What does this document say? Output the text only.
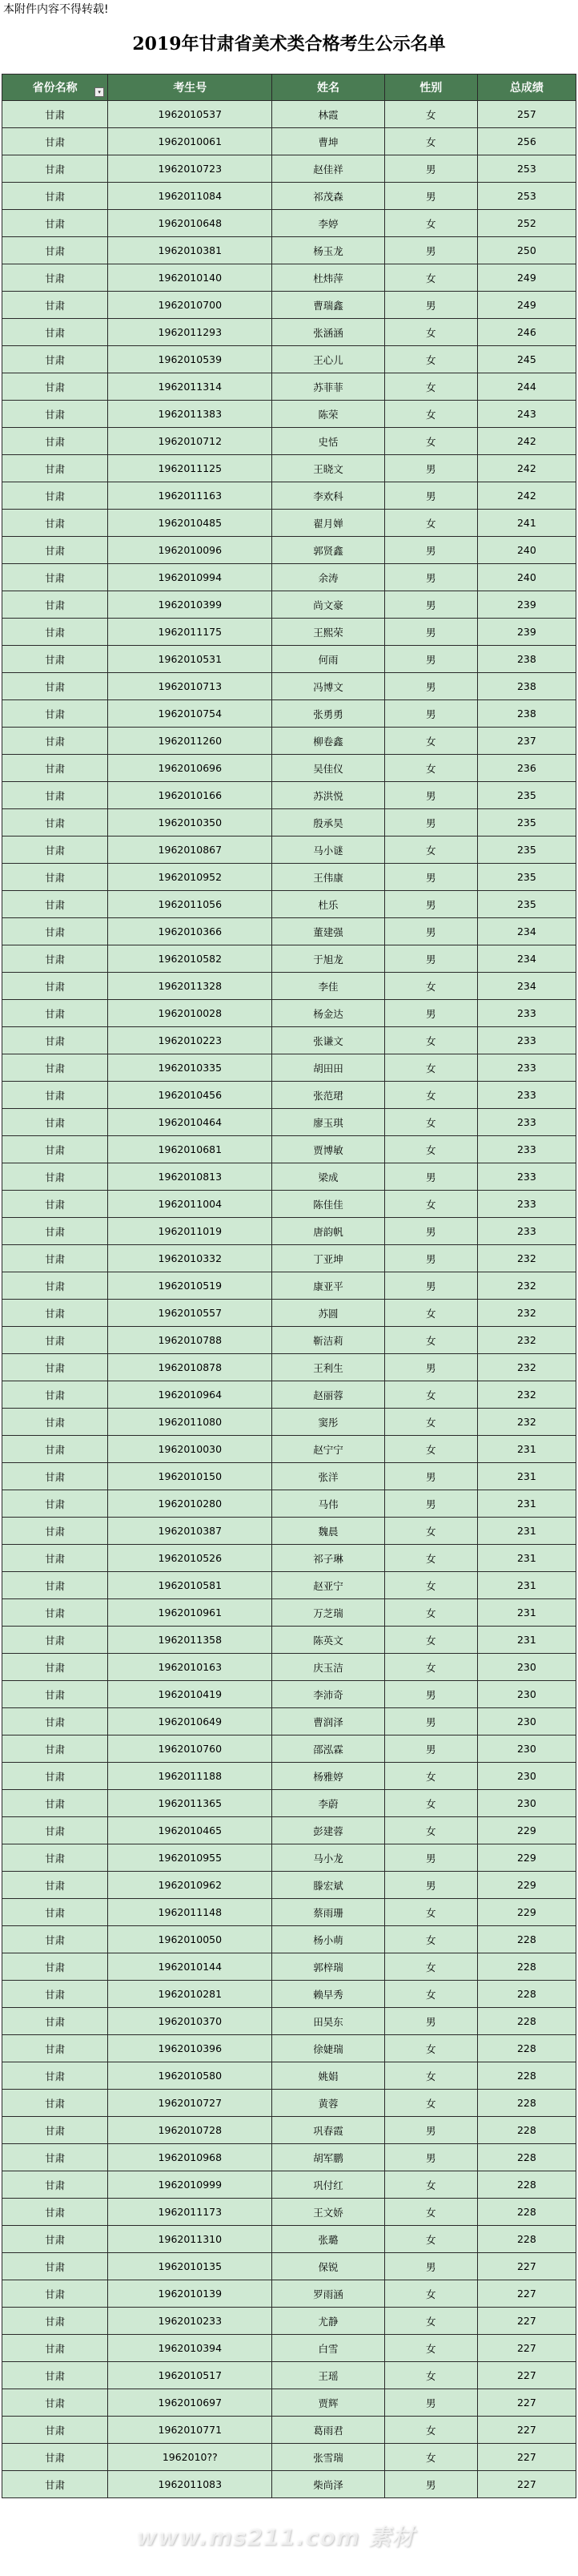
本附件内容不得转载!
2019年甘肃省美术类合格考生公示名单
省份名称 ▾	考生号	姓名	性别	总成绩
甘肃	1962010537	林霞	女	257
甘肃	1962010061	曹坤	女	256
甘肃	1962010723	赵佳祥	男	253
甘肃	1962011084	祁茂森	男	253
甘肃	1962010648	李婷	女	252
甘肃	1962010381	杨玉龙	男	250
甘肃	1962010140	杜炜萍	女	249
甘肃	1962010700	曹瑞鑫	男	249
甘肃	1962011293	张涵涵	女	246
甘肃	1962010539	王心儿	女	245
甘肃	1962011314	苏菲菲	女	244
甘肃	1962011383	陈荣	女	243
甘肃	1962010712	史恬	女	242
甘肃	1962011125	王晓文	男	242
甘肃	1962011163	李欢科	男	242
甘肃	1962010485	翟月婵	女	241
甘肃	1962010096	郭贤鑫	男	240
甘肃	1962010994	余涛	男	240
甘肃	1962010399	尚文豪	男	239
甘肃	1962011175	王熙荣	男	239
甘肃	1962010531	何雨	男	238
甘肃	1962010713	冯博文	男	238
甘肃	1962010754	张勇勇	男	238
甘肃	1962011260	柳卷鑫	女	237
甘肃	1962010696	吴佳仪	女	236
甘肃	1962010166	苏洪悦	男	235
甘肃	1962010350	殷承昊	男	235
甘肃	1962010867	马小谜	女	235
甘肃	1962010952	王伟康	男	235
甘肃	1962011056	杜乐	男	235
甘肃	1962010366	董建强	男	234
甘肃	1962010582	于旭龙	男	234
甘肃	1962011328	李佳	女	234
甘肃	1962010028	杨金达	男	233
甘肃	1962010223	张谦文	女	233
甘肃	1962010335	胡田田	女	233
甘肃	1962010456	张范珺	女	233
甘肃	1962010464	廖玉琪	女	233
甘肃	1962010681	贾博敏	女	233
甘肃	1962010813	梁成	男	233
甘肃	1962011004	陈佳佳	女	233
甘肃	1962011019	唐韵帆	男	233
甘肃	1962010332	丁亚坤	男	232
甘肃	1962010519	康亚平	男	232
甘肃	1962010557	苏圆	女	232
甘肃	1962010788	靳洁莉	女	232
甘肃	1962010878	王利生	男	232
甘肃	1962010964	赵丽蓉	女	232
甘肃	1962011080	窦彤	女	232
甘肃	1962010030	赵宁宁	女	231
甘肃	1962010150	张洋	男	231
甘肃	1962010280	马伟	男	231
甘肃	1962010387	魏晨	女	231
甘肃	1962010526	祁子琳	女	231
甘肃	1962010581	赵亚宁	女	231
甘肃	1962010961	万芝瑞	女	231
甘肃	1962011358	陈英文	女	231
甘肃	1962010163	庆玉洁	女	230
甘肃	1962010419	李沛奇	男	230
甘肃	1962010649	曹润泽	男	230
甘肃	1962010760	邵泓霖	男	230
甘肃	1962011188	杨雅婷	女	230
甘肃	1962011365	李蔚	女	230
甘肃	1962010465	彭建蓉	女	229
甘肃	1962010955	马小龙	男	229
甘肃	1962010962	滕宏斌	男	229
甘肃	1962011148	蔡雨珊	女	229
甘肃	1962010050	杨小萌	女	228
甘肃	1962010144	郭梓瑞	女	228
甘肃	1962010281	赖早秀	女	228
甘肃	1962010370	田昊东	男	228
甘肃	1962010396	徐婕瑞	女	228
甘肃	1962010580	姚娟	女	228
甘肃	1962010727	黄蓉	女	228
甘肃	1962010728	巩春霞	男	228
甘肃	1962010968	胡军鹏	男	228
甘肃	1962010999	巩付红	女	228
甘肃	1962011173	王文娇	女	228
甘肃	1962011310	张璐	女	228
甘肃	1962010135	保锐	男	227
甘肃	1962010139	罗雨涵	女	227
甘肃	1962010233	尤静	女	227
甘肃	1962010394	白雪	女	227
甘肃	1962010517	王瑶	女	227
甘肃	1962010697	贾辉	男	227
甘肃	1962010771	葛雨君	女	227
甘肃	1962010??	张雪瑞	女	227
甘肃	1962011083	柴尚泽	男	227
www.ms211.com 素材
